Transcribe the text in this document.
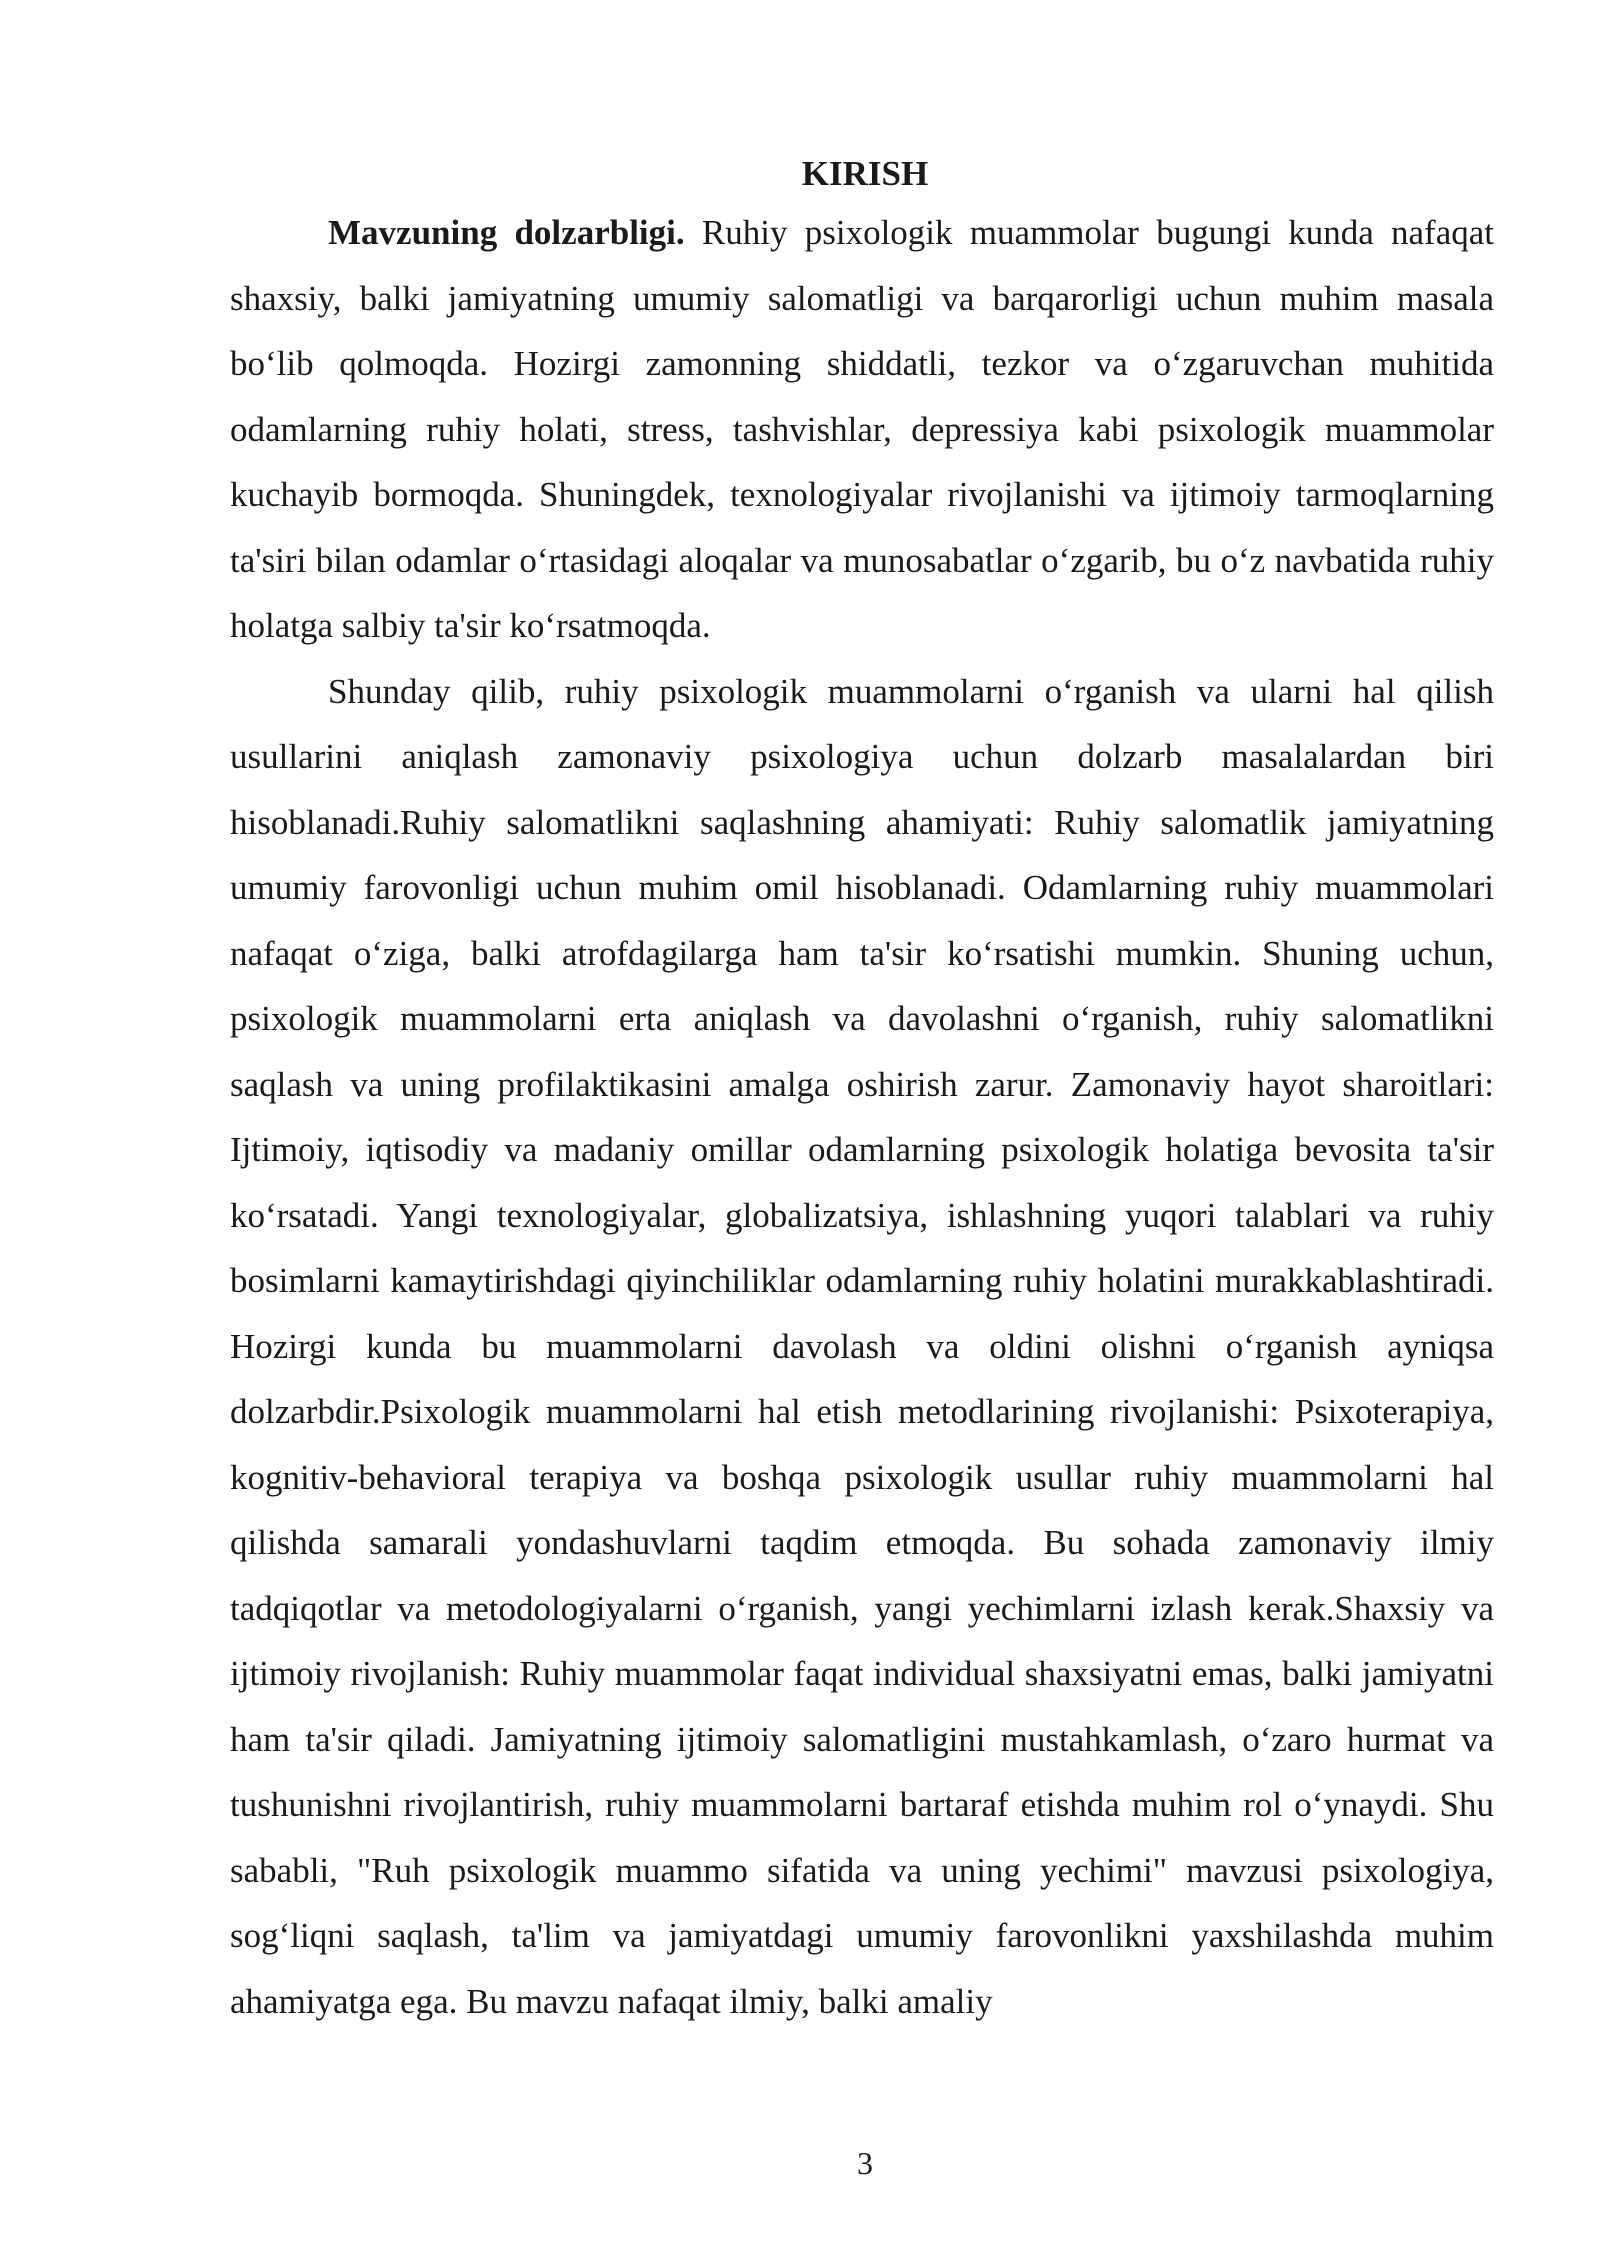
KIRISH

Mavzuning dolzarbligi. Ruhiy psixologik muammolar bugungi kunda nafaqat shaxsiy, balki jamiyatning umumiy salomatligi va barqarorligi uchun muhim masala bo‘lib qolmoqda. Hozirgi zamonning shiddatli, tezkor va o‘zgaruvchan muhitida odamlarning ruhiy holati, stress, tashvishlar, depressiya kabi psixologik muammolar kuchayib bormoqda. Shuningdek, texnologiyalar rivojlanishi va ijtimoiy tarmoqlarning ta'siri bilan odamlar o‘rtasidagi aloqalar va munosabatlar o‘zgarib, bu o‘z navbatida ruhiy holatga salbiy ta'sir ko‘rsatmoqda.

Shunday qilib, ruhiy psixologik muammolarni o‘rganish va ularni hal qilish usullarini aniqlash zamonaviy psixologiya uchun dolzarb masalalardan biri hisoblanadi.Ruhiy salomatlikni saqlashning ahamiyati: Ruhiy salomatlik jamiyatning umumiy farovonligi uchun muhim omil hisoblanadi. Odamlarning ruhiy muammolari nafaqat o‘ziga, balki atrofdagilarga ham ta'sir ko‘rsatishi mumkin. Shuning uchun, psixologik muammolarni erta aniqlash va davolashni o‘rganish, ruhiy salomatlikni saqlash va uning profilaktikasini amalga oshirish zarur. Zamonaviy hayot sharoitlari: Ijtimoiy, iqtisodiy va madaniy omillar odamlarning psixologik holatiga bevosita ta'sir ko‘rsatadi. Yangi texnologiyalar, globalizatsiya, ishlashning yuqori talablari va ruhiy bosimlarni kamaytirishdagi qiyinchiliklar odamlarning ruhiy holatini murakkablashtiradi. Hozirgi kunda bu muammolarni davolash va oldini olishni o‘rganish ayniqsa dolzarbdir.Psixologik muammolarni hal etish metodlarining rivojlanishi: Psixoterapiya, kognitiv-behavioral terapiya va boshqa psixologik usullar ruhiy muammolarni hal qilishda samarali yondashuvlarni taqdim etmoqda. Bu sohada zamonaviy ilmiy tadqiqotlar va metodologiyalarni o‘rganish, yangi yechimlarni izlash kerak.Shaxsiy va ijtimoiy rivojlanish: Ruhiy muammolar faqat individual shaxsiyatni emas, balki jamiyatni ham ta'sir qiladi. Jamiyatning ijtimoiy salomatligini mustahkamlash, o‘zaro hurmat va tushunishni rivojlantirish, ruhiy muammolarni bartaraf etishda muhim rol o‘ynaydi. Shu sababli, "Ruh psixologik muammo sifatida va uning yechimi" mavzusi psixologiya, sog‘liqni saqlash, ta'lim va jamiyatdagi umumiy farovonlikni yaxshilashda muhim ahamiyatga ega. Bu mavzu nafaqat ilmiy, balki amaliy

3
